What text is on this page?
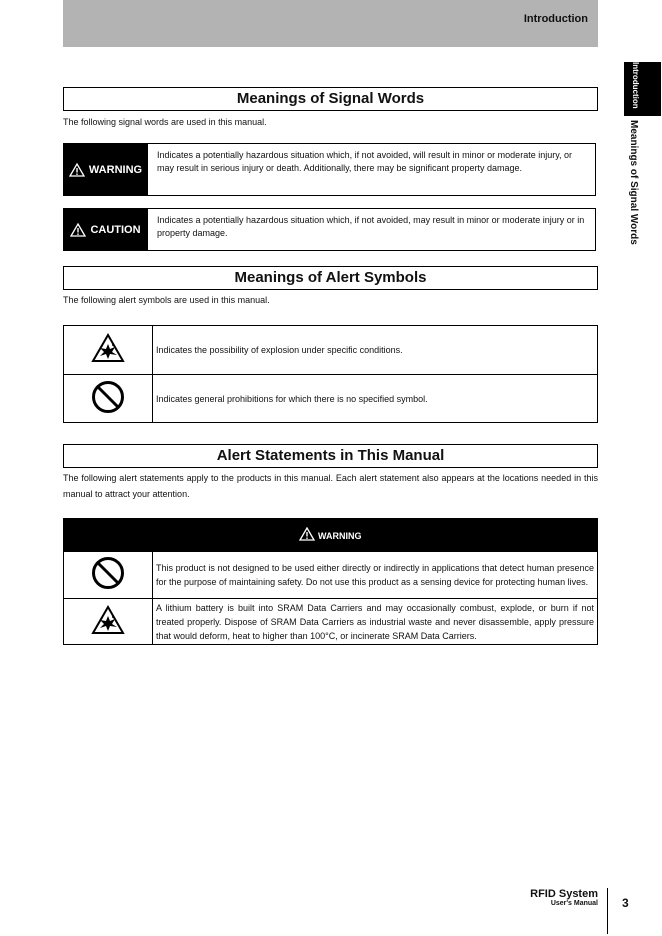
Introduction
Introduction
Meanings of Signal Words
Meanings of Signal Words
The following signal words are used in this manual.
WARNING
Indicates a potentially hazardous situation which, if not avoided, will result in minor or moderate injury, or may result in serious injury or death. Additionally, there may be significant property damage.
CAUTION
Indicates a potentially hazardous situation which, if not avoided, may result in minor or moderate injury or in property damage.
Meanings of Alert Symbols
The following alert symbols are used in this manual.
	Indicates the possibility of explosion under specific conditions.
	Indicates general prohibitions for which there is no specified symbol.
Alert Statements in This Manual
The following alert statements apply to the products in this manual. Each alert statement also appears at the locations needed in this manual to attract your attention.
WARNING	
	This product is not designed to be used either directly or indirectly in applications that detect human presence for the purpose of maintaining safety. Do not use this product as a sensing device for protecting human lives.
	A lithium battery is built into SRAM Data Carriers and may occasionally combust, explode, or burn if not treated properly. Dispose of SRAM Data Carriers as industrial waste and never disassemble, apply pressure that would deform, heat to higher than 100°C, or incinerate SRAM Data Carriers.
RFID System
User's Manual 3
